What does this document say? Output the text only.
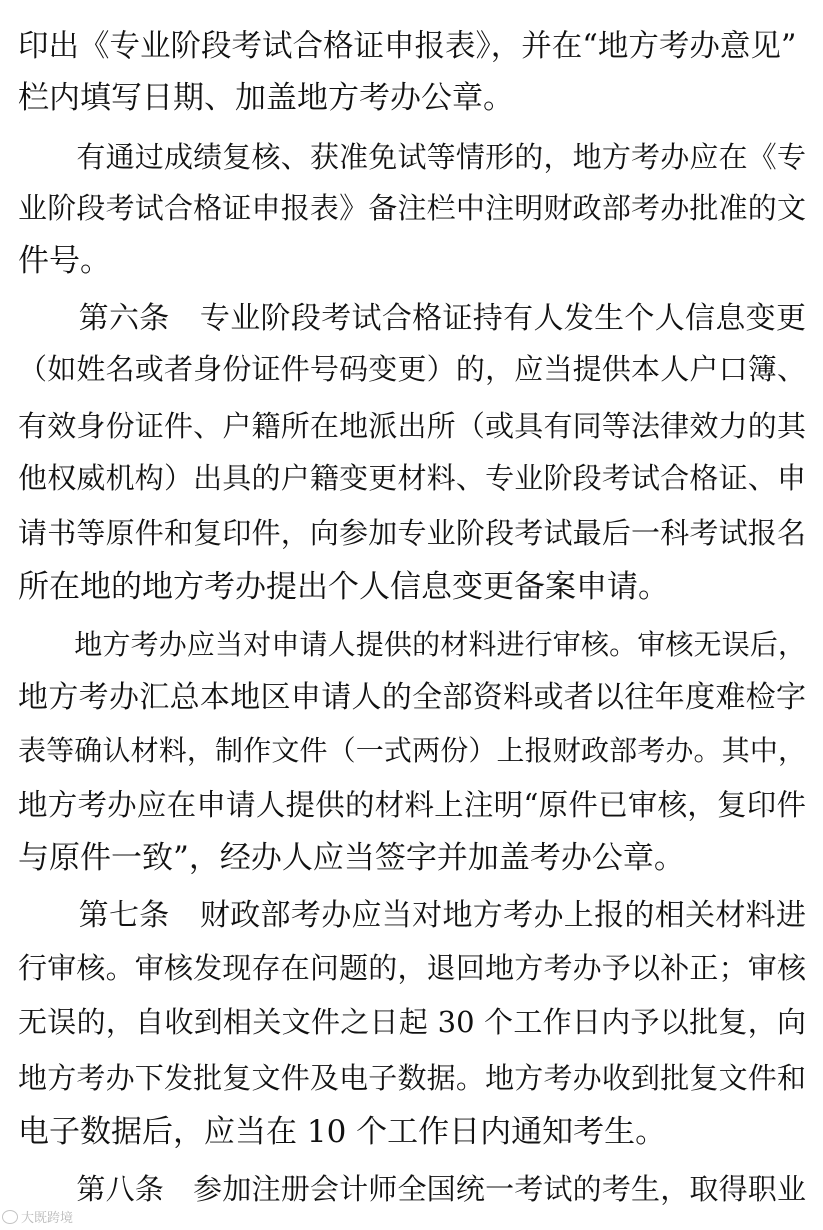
印出《专业阶段考试合格证申报表》，并在“地方考办意见”
栏内填写日期、加盖地方考办公章。
　　有通过成绩复核、获准免试等情形的，地方考办应在《专
业阶段考试合格证申报表》备注栏中注明财政部考办批准的文
件号。
　　第六条　专业阶段考试合格证持有人发生个人信息变更
（如姓名或者身份证件号码变更）的，应当提供本人户口簿、
有效身份证件、户籍所在地派出所（或具有同等法律效力的其
他权威机构）出具的户籍变更材料、专业阶段考试合格证、申
请书等原件和复印件，向参加专业阶段考试最后一科考试报名
所在地的地方考办提出个人信息变更备案申请。
　　地方考办应当对申请人提供的材料进行审核。审核无误后，
地方考办汇总本地区申请人的全部资料或者以往年度难检字
表等确认材料，制作文件（一式两份）上报财政部考办。其中，
地方考办应在申请人提供的材料上注明“原件已审核，复印件
与原件一致”，经办人应当签字并加盖考办公章。
　　第七条　财政部考办应当对地方考办上报的相关材料进
行审核。审核发现存在问题的，退回地方考办予以补正；审核
无误的，自收到相关文件之日起 30 个工作日内予以批复，向
地方考办下发批复文件及电子数据。地方考办收到批复文件和
电子数据后，应当在 10 个工作日内通知考生。
　　第八条　参加注册会计师全国统一考试的考生，取得职业
大既跨境
